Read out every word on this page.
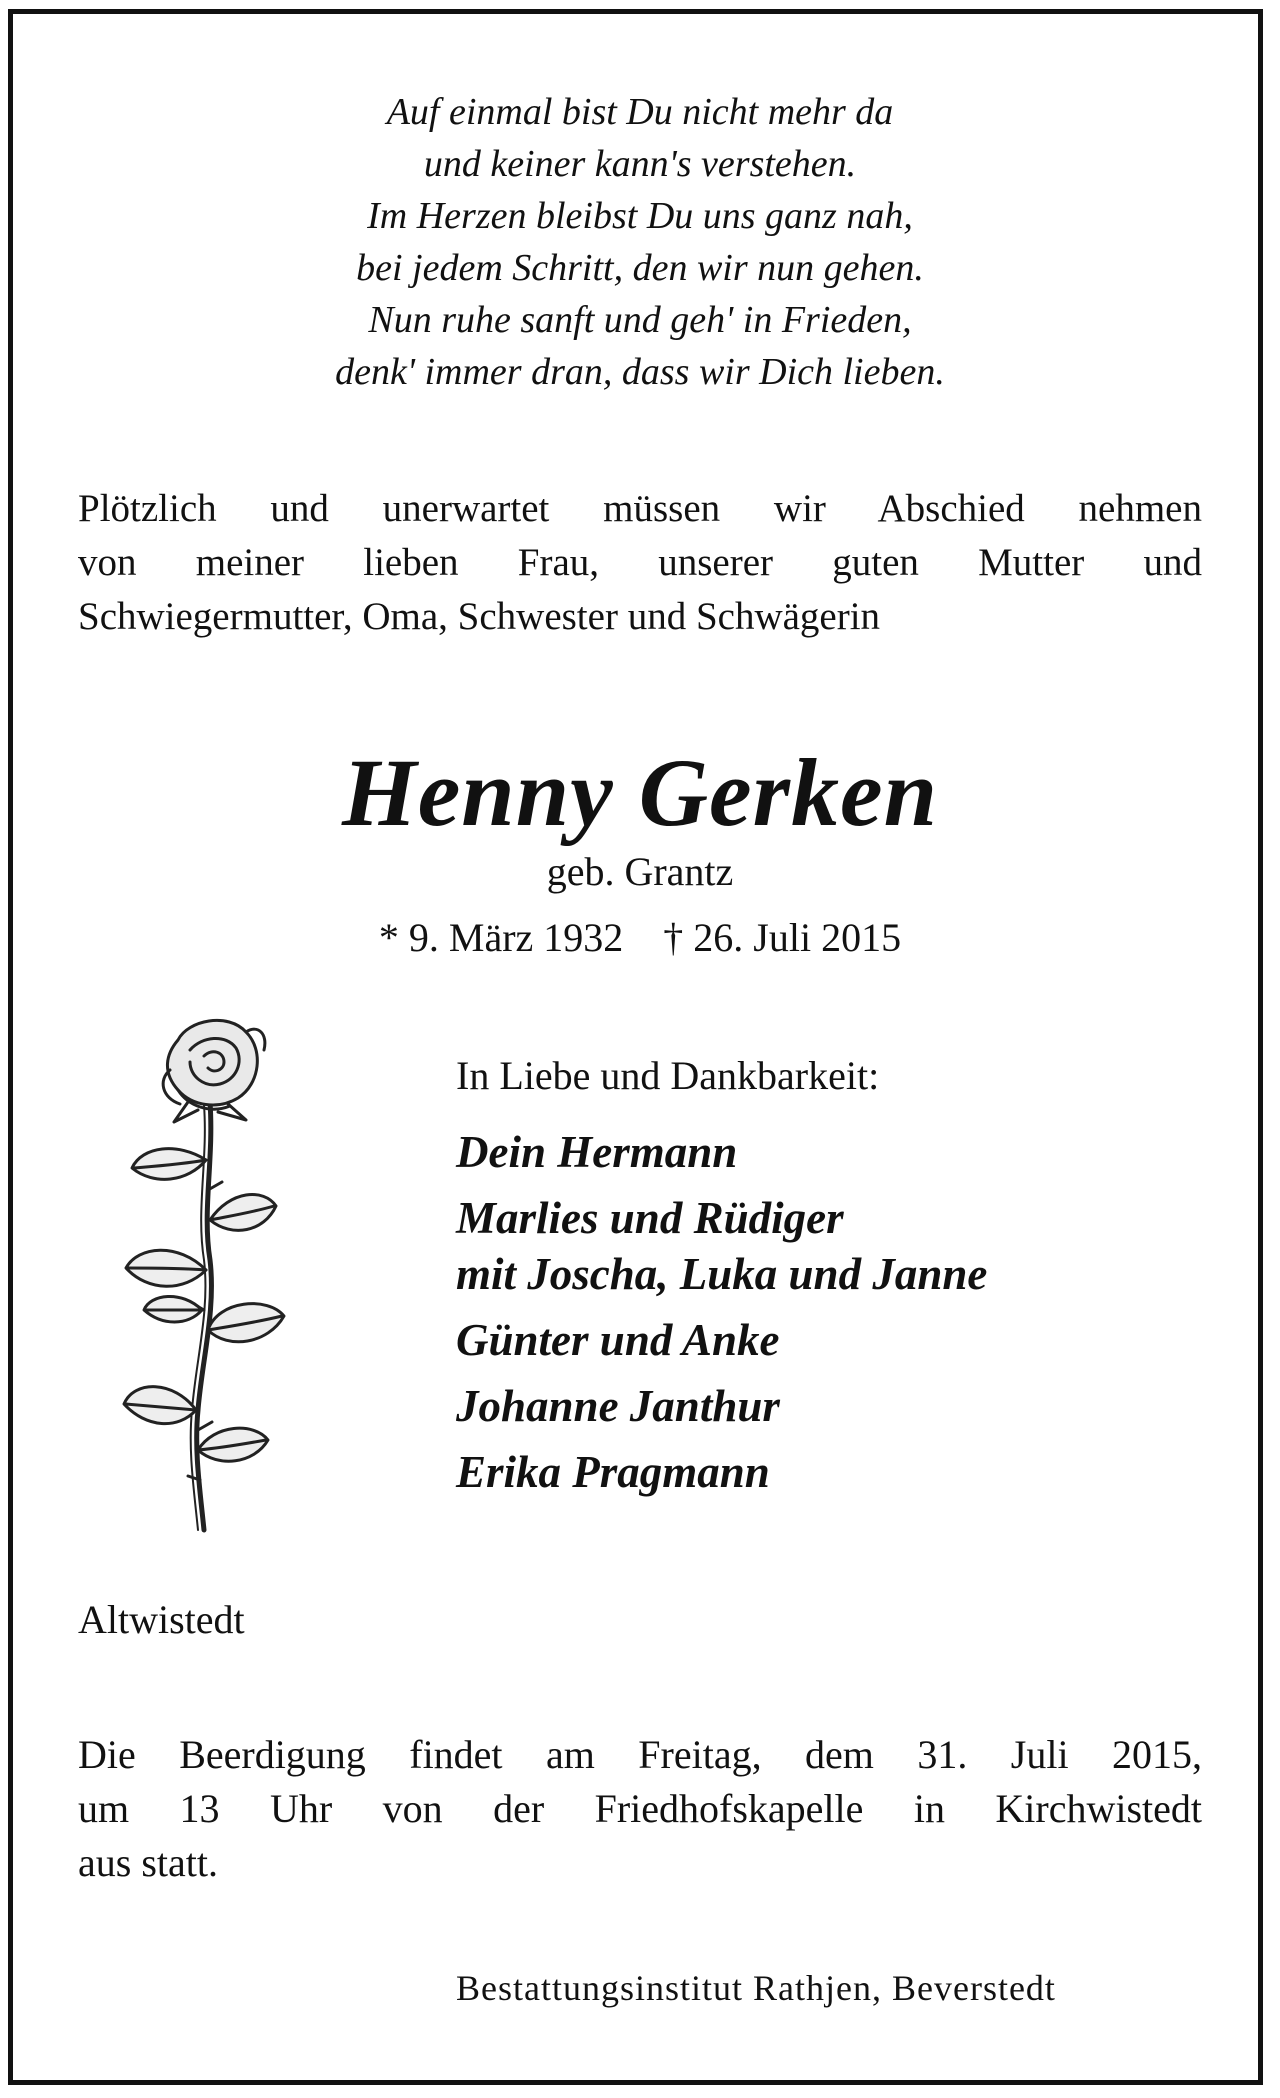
Auf einmal bist Du nicht mehr da
und keiner kann's verstehen.
Im Herzen bleibst Du uns ganz nah,
bei jedem Schritt, den wir nun gehen.
Nun ruhe sanft und geh' in Frieden,
denk' immer dran, dass wir Dich lieben.
Plötzlich und unerwartet müssen wir Abschied nehmen
von meiner lieben Frau, unserer guten Mutter und
Schwiegermutter, Oma, Schwester und Schwägerin
Henny Gerken
geb. Grantz
* 9. März 1932 † 26. Juli 2015
In Liebe und Dankbarkeit:
Dein Hermann
Marlies und Rüdiger
mit Joscha, Luka und Janne
Günter und Anke
Johanne Janthur
Erika Pragmann
Altwistedt
Die Beerdigung findet am Freitag, dem 31. Juli 2015,
um 13 Uhr von der Friedhofskapelle in Kirchwistedt
aus statt.
Bestattungsinstitut Rathjen, Beverstedt
